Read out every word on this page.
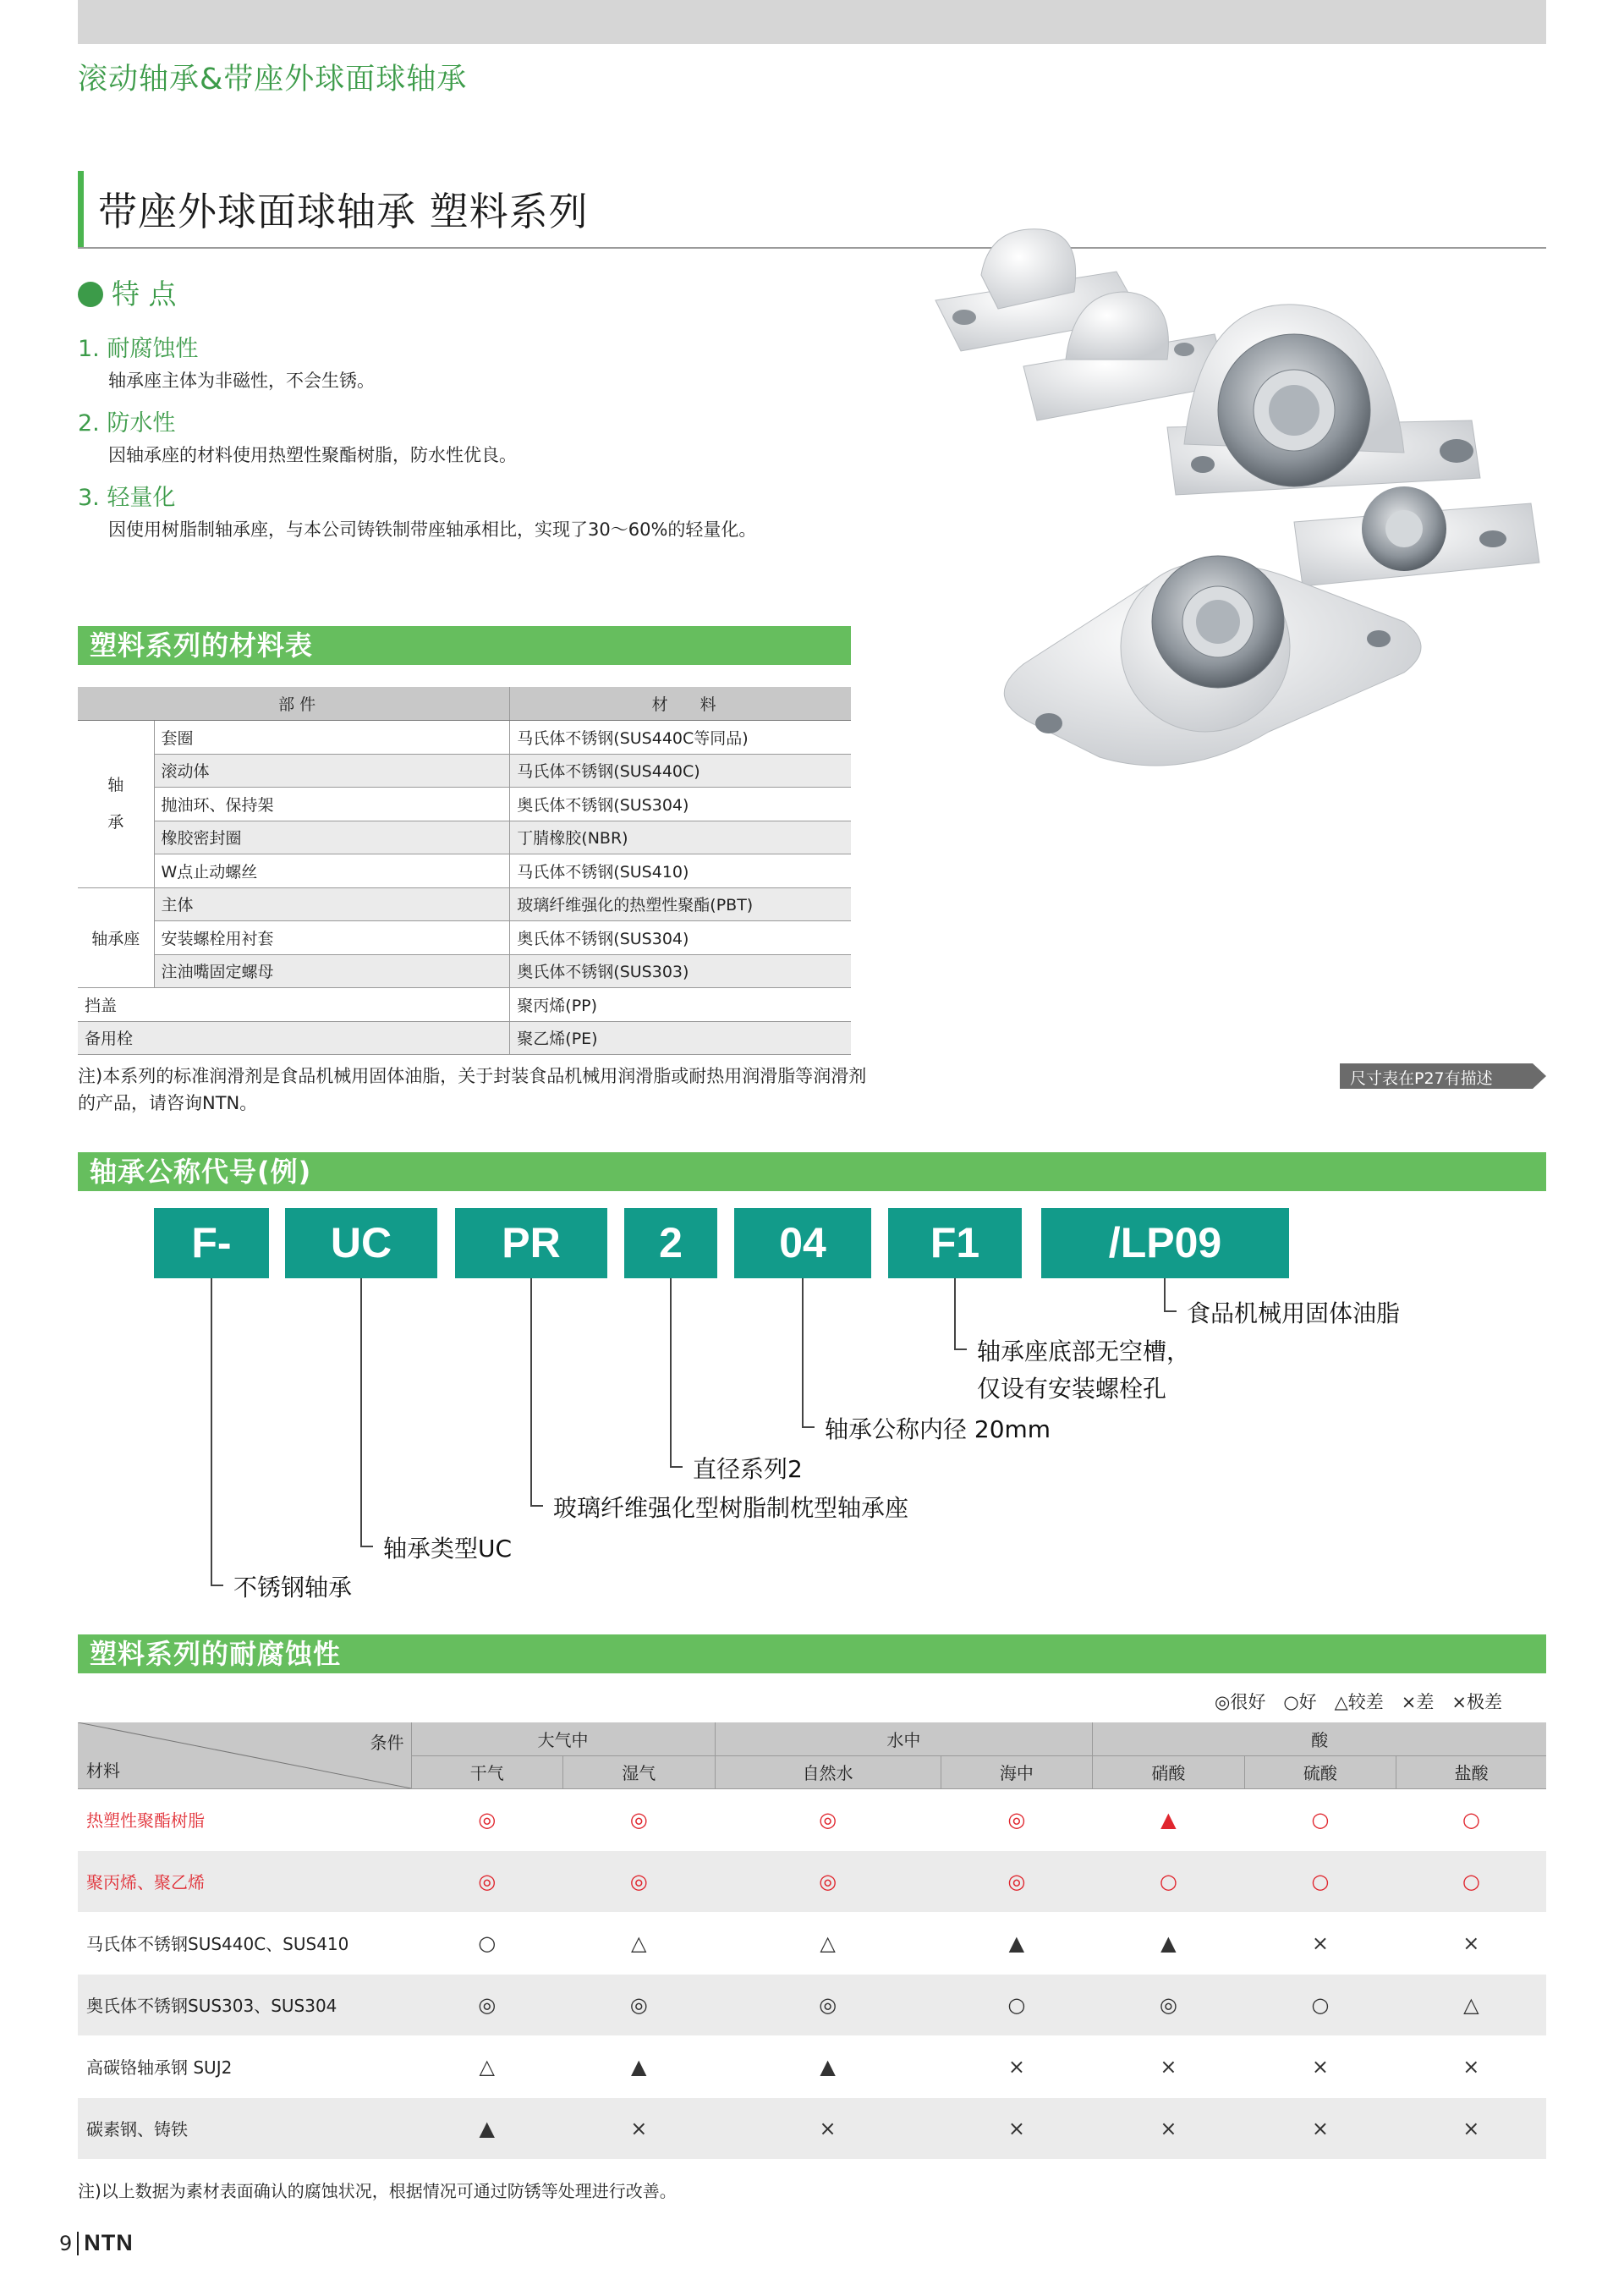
滚动轴承&带座外球面球轴承
带座外球面球轴承 塑料系列
特 点
1. 耐腐蚀性
轴承座主体为非磁性，不会生锈。
2. 防水性
因轴承座的材料使用热塑性聚酯树脂，防水性优良。
3. 轻量化
因使用树脂制轴承座，与本公司铸铁制带座轴承相比，实现了30～60%的轻量化。
塑料系列的材料表
部 件		材　　料
轴

承	套圈	马氏体不锈钢(SUS440C等同品)
	滚动体	马氏体不锈钢(SUS440C)
	抛油环、保持架	奥氏体不锈钢(SUS304)
	橡胶密封圈	丁腈橡胶(NBR)
	W点止动螺丝	马氏体不锈钢(SUS410)
轴承座	主体	玻璃纤维强化的热塑性聚酯(PBT)
	安装螺栓用衬套	奥氏体不锈钢(SUS304)
	注油嘴固定螺母	奥氏体不锈钢(SUS303)
挡盖		聚丙烯(PP)
备用栓		聚乙烯(PE)
注)本系列的标准润滑剂是食品机械用固体油脂，关于封装食品机械用润滑脂或耐热用润滑脂等润滑剂的产品，请咨询NTN。
尺寸表在P27有描述
轴承公称代号(例)
F-	UC	PR	2	04	F1	/LP09
不锈钢轴承
轴承类型UC
玻璃纤维强化型树脂制枕型轴承座
直径系列2
轴承公称内径 20mm
轴承座底部无空槽，
仅设有安装螺栓孔
食品机械用固体油脂
塑料系列的耐腐蚀性
◎很好　○好　△较差　×差　×极差
条件
材料	大气中		水中		酸		
	干气	湿气	自然水	海中	硝酸	硫酸	盐酸
热塑性聚酯树脂	◎	◎	◎	◎	▲	○	○
聚丙烯、聚乙烯	◎	◎	◎	◎	○	○	○
马氏体不锈钢SUS440C、SUS410	○	△	△	▲	▲	×	×
奥氏体不锈钢SUS303、SUS304	◎	◎	◎	○	◎	○	△
高碳铬轴承钢 SUJ2	△	▲	▲	×	×	×	×
碳素钢、铸铁	▲	×	×	×	×	×	×
注)以上数据为素材表面确认的腐蚀状况，根据情况可通过防锈等处理进行改善。
9 NTN
